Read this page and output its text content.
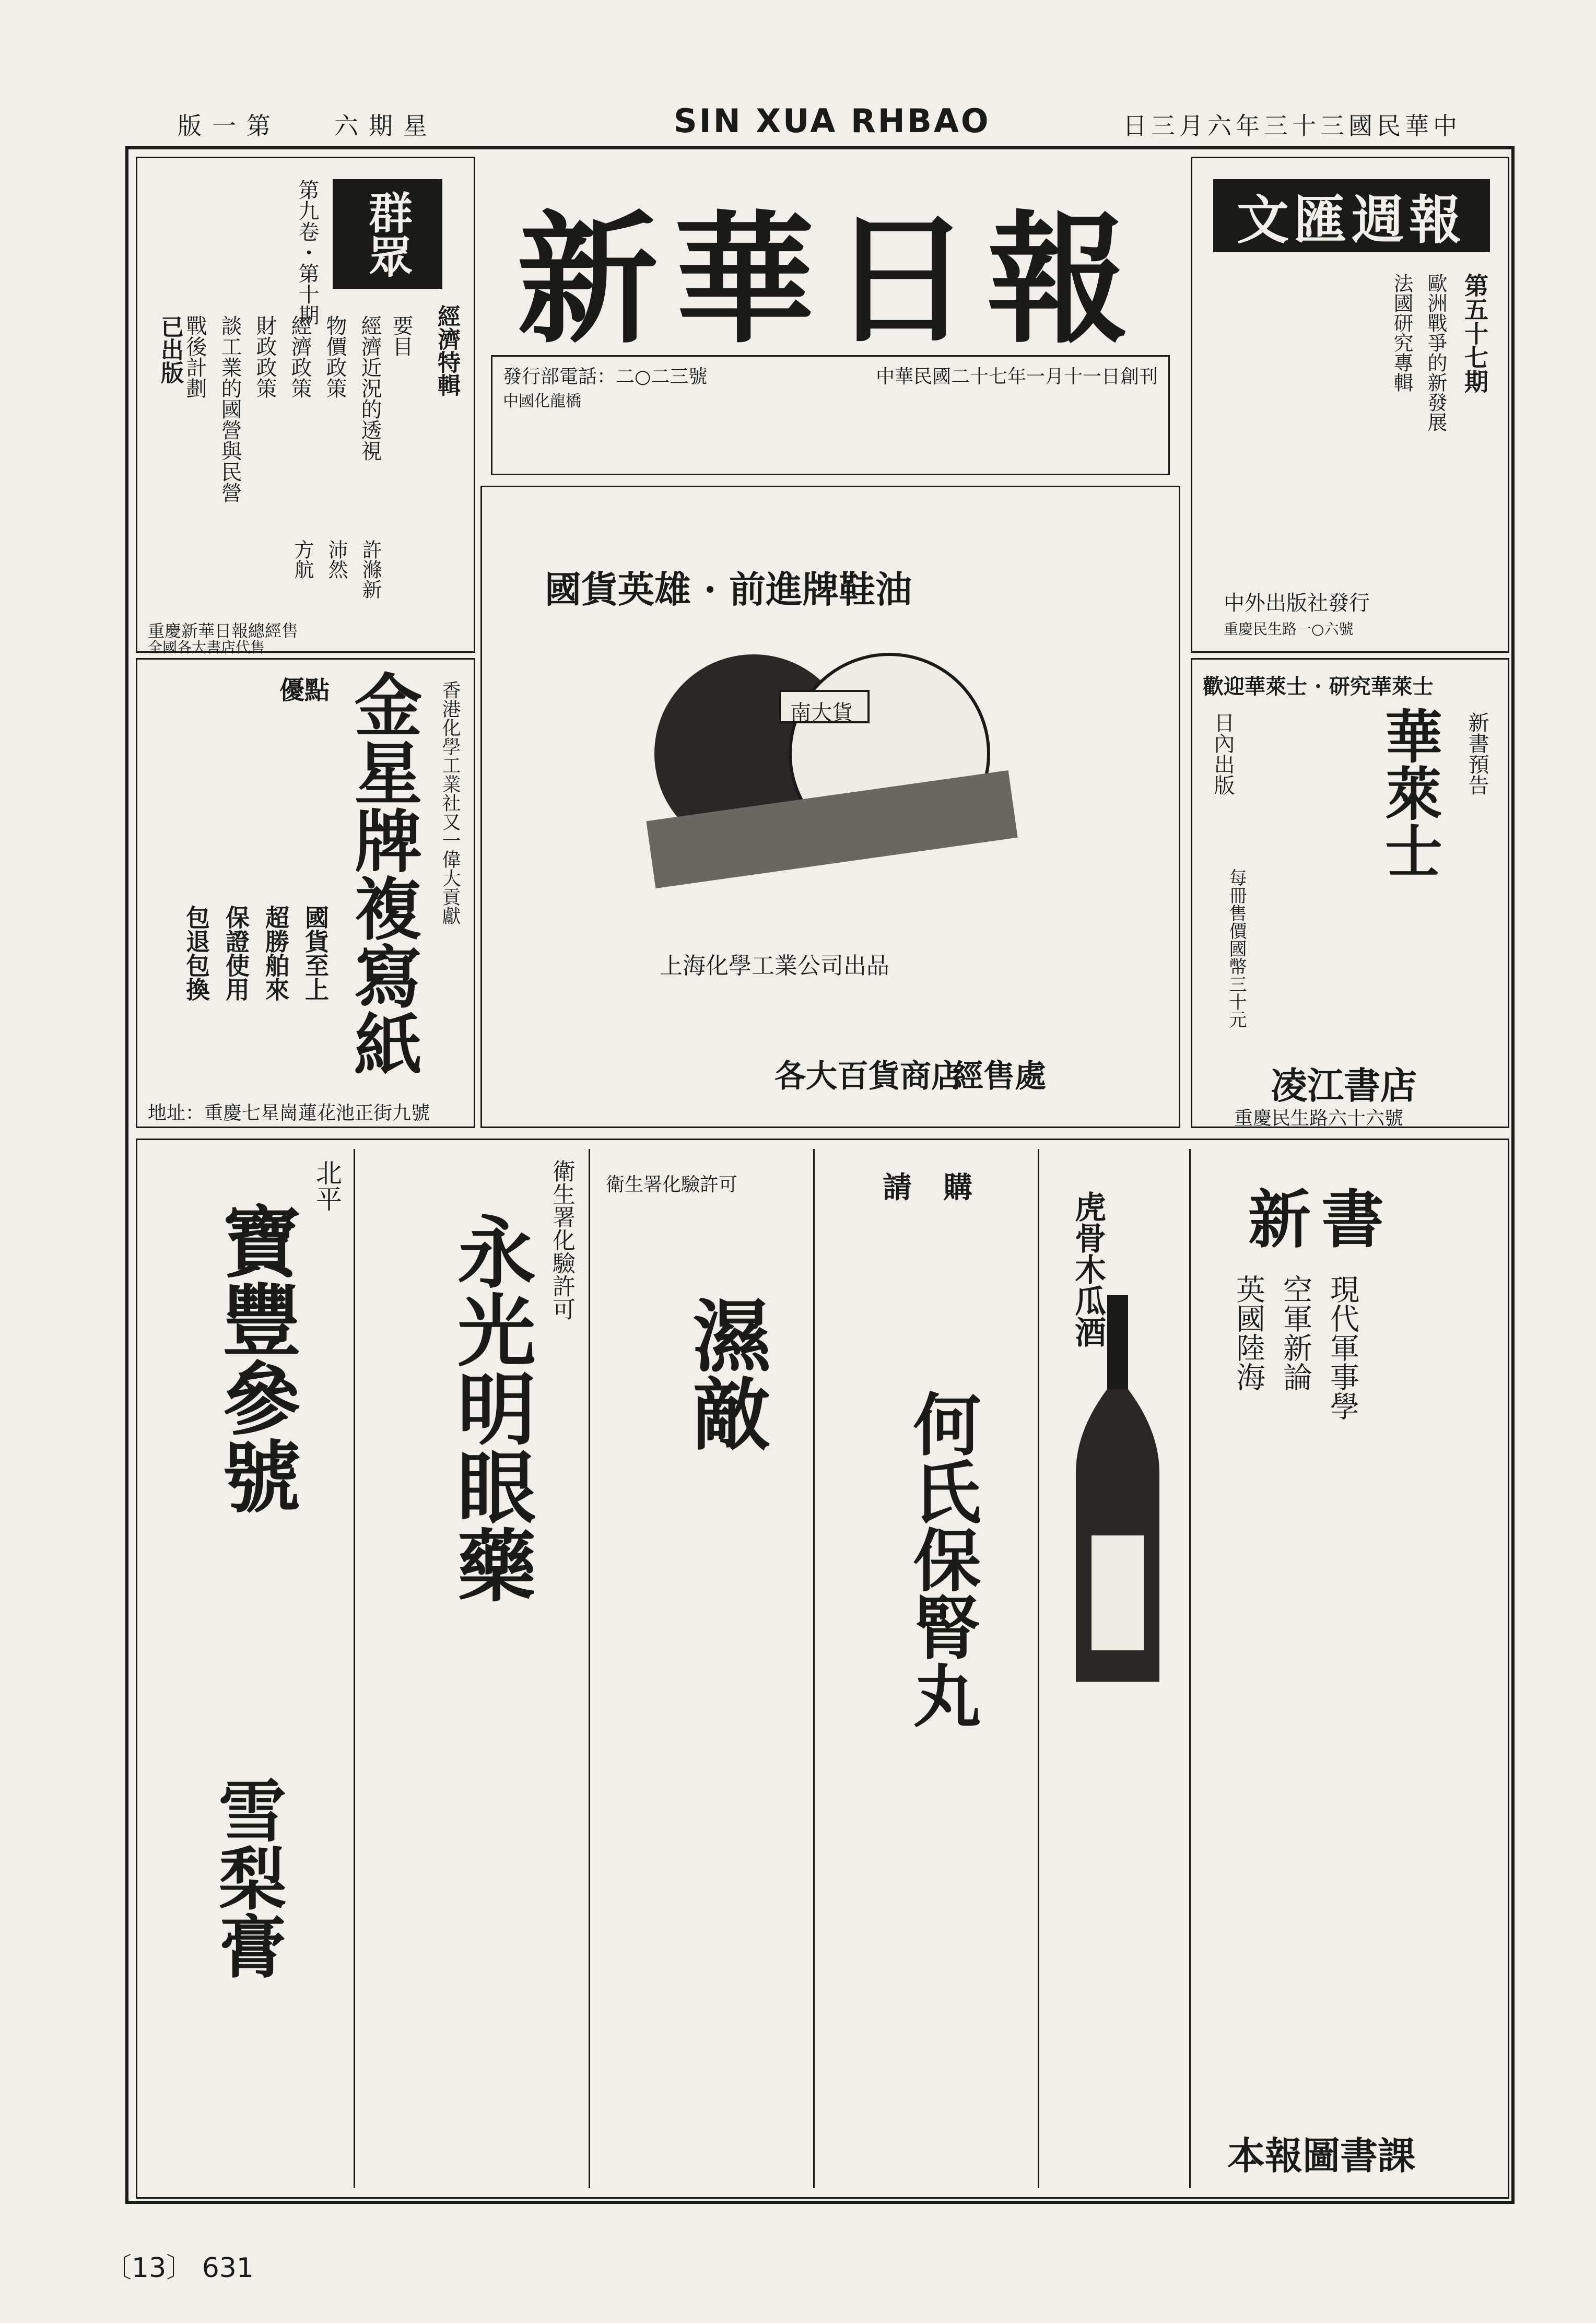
版一第 六期星	SIN XUA RHBAO	日三月六年三十三國民華中
群眾
第九卷・第十期
經濟特輯
要目
經濟近況的透視
物價政策
經濟政策
財政政策
談工業的國營與民營
戰後計劃
許滌新
沛然
方航
已出版
重慶新華日報總經售
全國各大書店代售
新華日報
中華民國二十七年一月十一日創刊
發行部電話：二○二三號
中國化龍橋
文匯週報
第五十七期
歐洲戰爭的新發展
法國研究專輯
中外出版社發行
重慶民生路一○六號
國貨英雄 · 前進牌鞋油
南大貨
上海化學工業公司出品
經售處
各大百貨商店
優點 金星牌複寫紙 香港化學工業社又一偉大貢獻
國貨至上
超勝舶來
保證使用
包退包換
地址：重慶七星崗蓮花池正街九號
歡迎華萊士 · 研究華萊士
華萊士	新書預告
日內出版
每冊售價國幣三十元
凌江書店
重慶民生路六十六號
寶豐參號
北平
雪梨膏
衛生署化驗許可
永光明眼藥
衛生署化驗許可
濕敵
請購
何氏保腎丸
虎骨木瓜酒 新書
現代軍事學
空軍新論
英國陸海
本報圖書課
〔13〕 631
